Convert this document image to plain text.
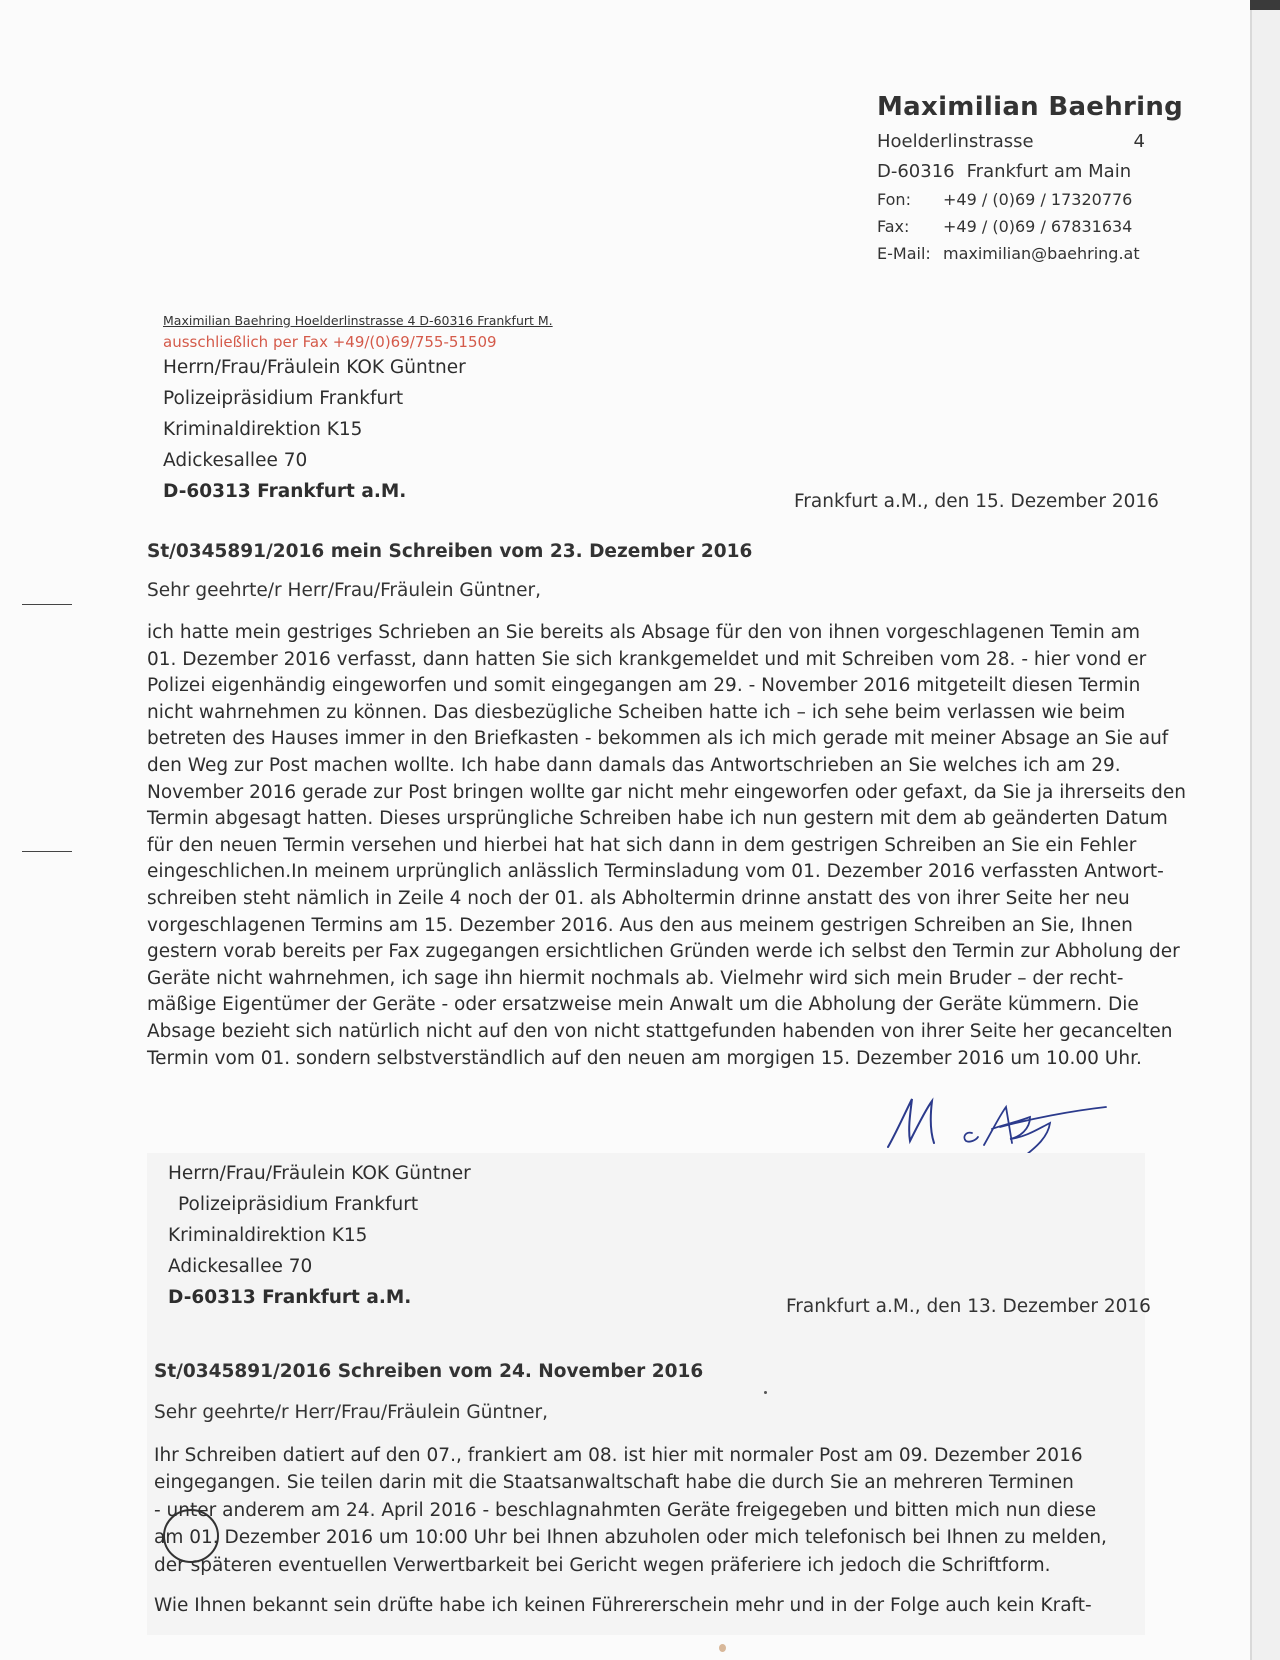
Maximilian Baehring
Hoelderlinstrasse	4
D-60316 Frankfurt am Main
Fon:	+49 / (0)69 / 17320776
Fax:	+49 / (0)69 / 67831634
E-Mail: maximilian@baehring.at
Maximilian Baehring Hoelderlinstrasse 4 D-60316 Frankfurt M.
ausschließlich per Fax +49/(0)69/755-51509
Herrn/Frau/Fräulein KOK Güntner
Polizeipräsidium Frankfurt
Kriminaldirektion K15
Adickesallee 70
D-60313 Frankfurt a.M.	Frankfurt a.M., den 15. Dezember 2016
St/0345891/2016 mein Schreiben vom 23. Dezember 2016
Sehr geehrte/r Herr/Frau/Fräulein Güntner,
ich hatte mein gestriges Schrieben an Sie bereits als Absage für den von ihnen vorgeschlagenen Temin am
01. Dezember 2016 verfasst, dann hatten Sie sich krankgemeldet und mit Schreiben vom 28. - hier vond er
Polizei eigenhändig eingeworfen und somit eingegangen am 29. - November 2016 mitgeteilt diesen Termin
nicht wahrnehmen zu können. Das diesbezügliche Scheiben hatte ich – ich sehe beim verlassen wie beim
betreten des Hauses immer in den Briefkasten - bekommen als ich mich gerade mit meiner Absage an Sie auf
den Weg zur Post machen wollte. Ich habe dann damals das Antwortschrieben an Sie welches ich am 29.
November 2016 gerade zur Post bringen wollte gar nicht mehr eingeworfen oder gefaxt, da Sie ja ihrerseits den
Termin abgesagt hatten. Dieses ursprüngliche Schreiben habe ich nun gestern mit dem ab geänderten Datum
für den neuen Termin versehen und hierbei hat hat sich dann in dem gestrigen Schreiben an Sie ein Fehler
eingeschlichen.In meinem urprünglich anlässlich Terminsladung vom 01. Dezember 2016 verfassten Antwort-
schreiben steht nämlich in Zeile 4 noch der 01. als Abholtermin drinne anstatt des von ihrer Seite her neu
vorgeschlagenen Termins am 15. Dezember 2016. Aus den aus meinem gestrigen Schreiben an Sie, Ihnen
gestern vorab bereits per Fax zugegangen ersichtlichen Gründen werde ich selbst den Termin zur Abholung der
Geräte nicht wahrnehmen, ich sage ihn hiermit nochmals ab. Vielmehr wird sich mein Bruder – der recht-
mäßige Eigentümer der Geräte - oder ersatzweise mein Anwalt um die Abholung der Geräte kümmern. Die
Absage bezieht sich natürlich nicht auf den von nicht stattgefunden habenden von ihrer Seite her gecancelten
Termin vom 01. sondern selbstverständlich auf den neuen am morgigen 15. Dezember 2016 um 10.00 Uhr.
Herrn/Frau/Fräulein KOK Güntner
Polizeipräsidium Frankfurt
Kriminaldirektion K15
Adickesallee 70
D-60313 Frankfurt a.M.	Frankfurt a.M., den 13. Dezember 2016
St/0345891/2016 Schreiben vom 24. November 2016
Sehr geehrte/r Herr/Frau/Fräulein Güntner,
Ihr Schreiben datiert auf den 07., frankiert am 08. ist hier mit normaler Post am 09. Dezember 2016
eingegangen. Sie teilen darin mit die Staatsanwaltschaft habe die durch Sie an mehreren Terminen
- unter anderem am 24. April 2016 - beschlagnahmten Geräte freigegeben und bitten mich nun diese
am 01. Dezember 2016 um 10:00 Uhr bei Ihnen abzuholen oder mich telefonisch bei Ihnen zu melden,
der späteren eventuellen Verwertbarkeit bei Gericht wegen präferiere ich jedoch die Schriftform.
Wie Ihnen bekannt sein drüfte habe ich keinen Führererschein mehr und in der Folge auch kein Kraft-
